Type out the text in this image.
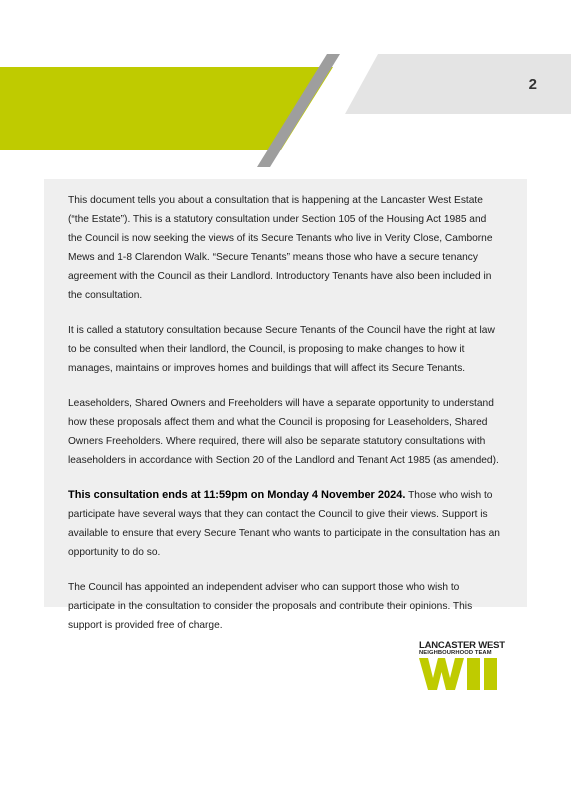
2

This document tells you about a consultation that is happening at the Lancaster West Estate (“the Estate”). This is a statutory consultation under Section 105 of the Housing Act 1985 and the Council is now seeking the views of its Secure Tenants who live in Verity Close, Camborne Mews and 1-8 Clarendon Walk. “Secure Tenants” means those who have a secure tenancy agreement with the Council as their Landlord. Introductory Tenants have also been included in the consultation.

It is called a statutory consultation because Secure Tenants of the Council have the right at law to be consulted when their landlord, the Council, is proposing to make changes to how it manages, maintains or improves homes and buildings that will affect its Secure Tenants.

Leaseholders, Shared Owners and Freeholders will have a separate opportunity to understand how these proposals affect them and what the Council is proposing for Leaseholders, Shared Owners Freeholders. Where required, there will also be separate statutory consultations with leaseholders in accordance with Section 20 of the Landlord and Tenant Act 1985 (as amended).

This consultation ends at 11:59pm on Monday 4 November 2024. Those who wish to participate have several ways that they can contact the Council to give their views. Support is available to ensure that every Secure Tenant who wants to participate in the consultation has an opportunity to do so.

The Council has appointed an independent adviser who can support those who wish to participate in the consultation to consider the proposals and contribute their opinions. This support is provided free of charge.

LANCASTER WEST
NEIGHBOURHOOD TEAM
